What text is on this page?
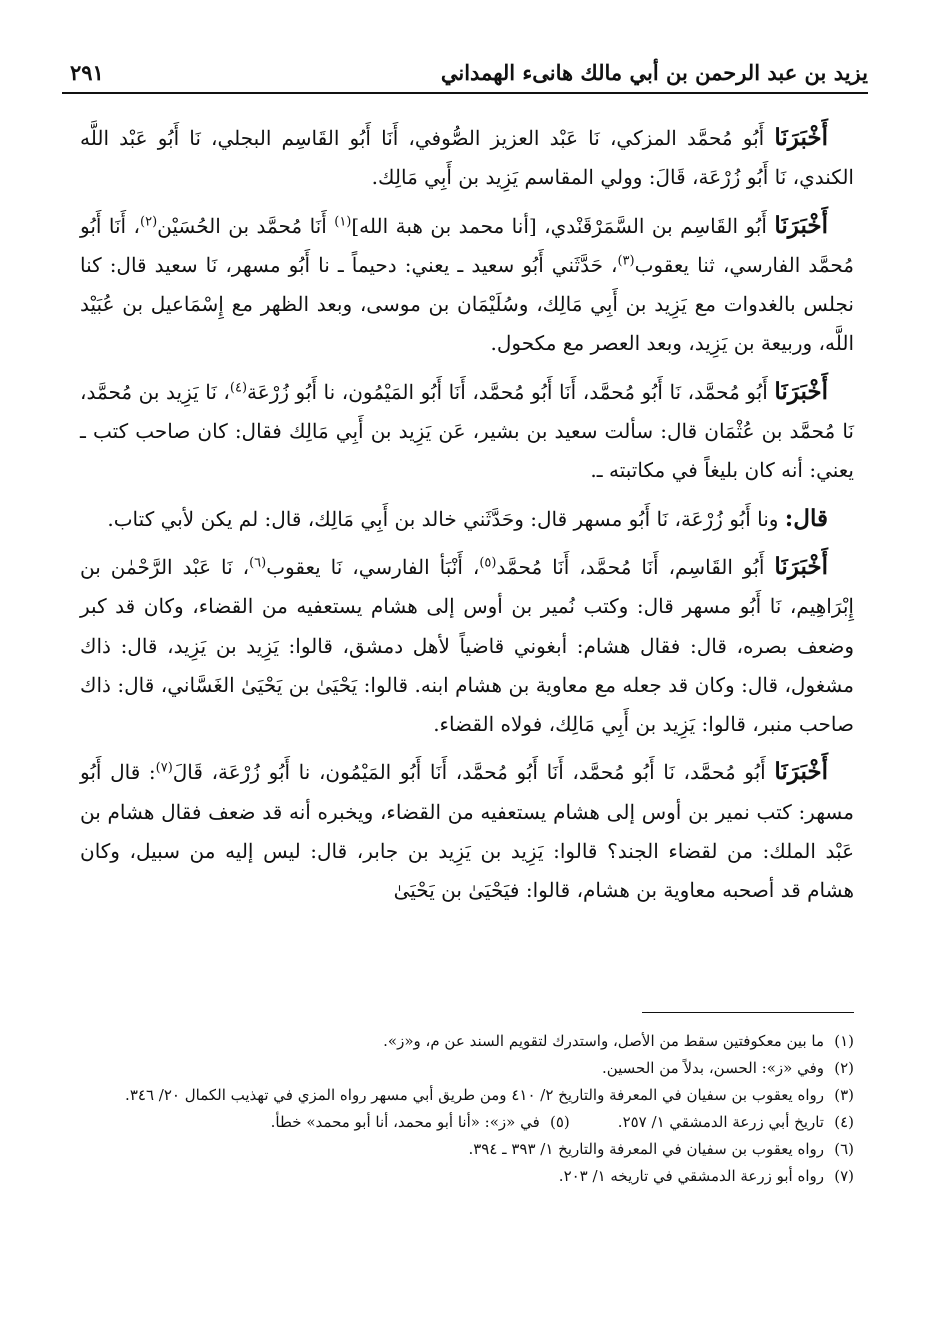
يزيد بن عبد الرحمن بن أبي مالك هانىء الهمداني
٢٩١

أَخْبَرَنَا أَبُو مُحمَّد المزكي، نَا عَبْد العزيز الصُّوفي، أَنَا أَبُو القَاسِم البجلي، نَا أَبُو عَبْد اللَّه الكندي، نَا أَبُو زُرْعَة، قَالَ: وولي المقاسم يَزِيد بن أَبِي مَالِك.

أَخْبَرَنَا أَبُو القَاسِم بن السَّمَرْقَنْدي، [أنا محمد بن هبة الله]$^{(١)}$ أَنَا مُحمَّد بن الحُسَيْن$^{(٢)}$، أَنَا أَبُو مُحمَّد الفارسي، ثنا يعقوب$^{(٣)}$، حَدَّثَني أَبُو سعيد ـ يعني: دحيماً ـ نا أَبُو مسهر، نَا سعيد قال: كنا نجلس بالغدوات مع يَزِيد بن أَبِي مَالِك، وسُلَيْمَان بن موسى، وبعد الظهر مع إِسْمَاعيل بن عُبَيْد اللَّه، وربيعة بن يَزِيد، وبعد العصر مع مكحول.

أَخْبَرَنَا أَبُو مُحمَّد، نَا أَبُو مُحمَّد، أَنَا أَبُو مُحمَّد، أَنَا أَبُو المَيْمُون، نا أَبُو زُرْعَة$^{(٤)}$، نَا يَزِيد بن مُحمَّد، نَا مُحمَّد بن عُثْمَان قال: سألت سعيد بن بشير، عَن يَزِيد بن أَبِي مَالِك فقال: كان صاحب كتب ـ يعني: أنه كان بليغاً في مكاتبته ـ.

قال: ونا أَبُو زُرْعَة، نَا أَبُو مسهر قال: وحَدَّثَني خالد بن أَبِي مَالِك، قال: لم يكن لأبي كتاب.

أَخْبَرَنَا أَبُو القَاسِم، أَنَا مُحمَّد، أَنَا مُحمَّد$^{(٥)}$، أَنْبَأ الفارسي، نَا يعقوب$^{(٦)}$، نَا عَبْد الرَّحْمٰن بن إِبْرَاهِيم، نَا أَبُو مسهر قال: وكتب نُمير بن أوس إلى هشام يستعفيه من القضاء، وكان قد كبر وضعف بصره، قال: فقال هشام: أبغوني قاضياً لأهل دمشق، قالوا: يَزِيد بن يَزِيد، قال: ذاك مشغول، قال: وكان قد جعله مع معاوية بن هشام ابنه. قالوا: يَحْيَىٰ بن يَحْيَىٰ الغَسَّاني، قال: ذاك صاحب منبر، قالوا: يَزِيد بن أَبِي مَالِك، فولاه القضاء.

أَخْبَرَنَا أَبُو مُحمَّد، نَا أَبُو مُحمَّد، أَنَا أَبُو مُحمَّد، أَنَا أَبُو المَيْمُون، نا أَبُو زُرْعَة، قَالَ$^{(٧)}$: قال أَبُو مسهر: كتب نمير بن أوس إلى هشام يستعفيه من القضاء، ويخبره أنه قد ضعف فقال هشام بن عَبْد الملك: من لقضاء الجند؟ قالوا: يَزِيد بن يَزِيد بن جابر، قال: ليس إليه من سبيل، وكان هشام قد أصحبه معاوية بن هشام، قالوا: فيَحْيَىٰ بن يَحْيَىٰ

(١)
ما بين معكوفتين سقط من الأصل، واستدرك لتقويم السند عن م، و«ز».
(٢)
وفي «ز»: الحسن، بدلاً من الحسين.
(٣)
رواه يعقوب بن سفيان في المعرفة والتاريخ ٢/ ٤١٠ ومن طريق أبي مسهر رواه المزي في تهذيب الكمال ٢٠/ ٣٤٦.
(٤)
تاريخ أبي زرعة الدمشقي ١/ ٢٥٧.
(٥)
في «ز»: «أنا أبو محمد، أنا أبو محمد» خطأ.
(٦)
رواه يعقوب بن سفيان في المعرفة والتاريخ ١/ ٣٩٣ ـ ٣٩٤.
(٧)
رواه أبو زرعة الدمشقي في تاريخه ١/ ٢٠٣.
